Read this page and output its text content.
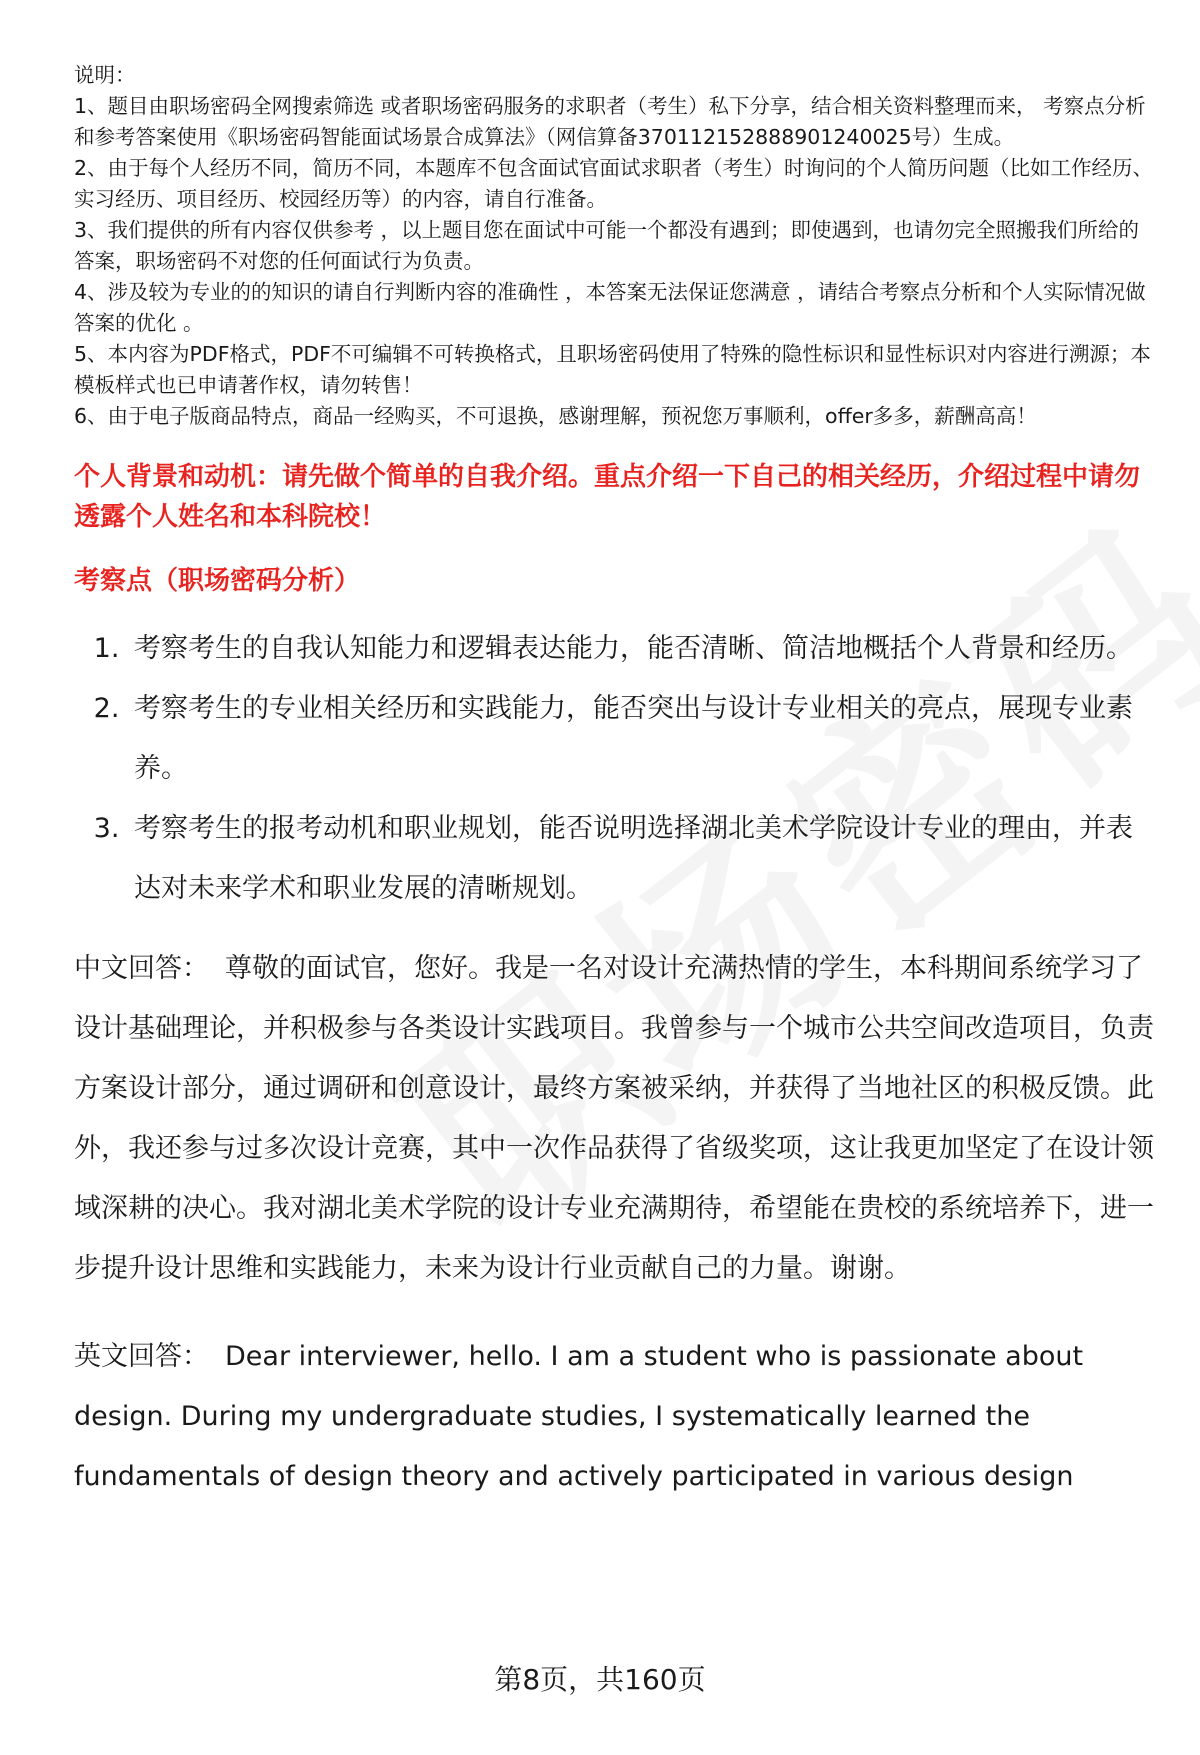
说明：

1、题目由职场密码全网搜索筛选 或者职场密码服务的求职者（考生）私下分享，结合相关资料整理而来， 考察点分析和参考答案使用《职场密码智能面试场景合成算法》（网信算备370112152888901240025号）生成。

2、由于每个人经历不同，简历不同，本题库不包含面试官面试求职者（考生）时询问的个人简历问题（比如工作经历、实习经历、项目经历、校园经历等）的内容，请自行准备。

3、我们提供的所有内容仅供参考 ，以上题目您在面试中可能一个都没有遇到；即使遇到，也请勿完全照搬我们所给的答案，职场密码不对您的任何面试行为负责。

4、涉及较为专业的的知识的请自行判断内容的准确性 ，本答案无法保证您满意 ，请结合考察点分析和个人实际情况做答案的优化 。

5、本内容为PDF格式，PDF不可编辑不可转换格式，且职场密码使用了特殊的隐性标识和显性标识对内容进行溯源；本模板样式也已申请著作权，请勿转售！

6、由于电子版商品特点，商品一经购买，不可退换，感谢理解，预祝您万事顺利，offer多多，薪酬高高！

个人背景和动机：请先做个简单的自我介绍。重点介绍一下自己的相关经历，介绍过程中请勿透露个人姓名和本科院校！
考察点（职场密码分析）
1. 考察考生的自我认知能力和逻辑表达能力，能否清晰、简洁地概括个人背景和经历。
2. 考察考生的专业相关经历和实践能力，能否突出与设计专业相关的亮点，展现专业素养。
3. 考察考生的报考动机和职业规划，能否说明选择湖北美术学院设计专业的理由，并表达对未来学术和职业发展的清晰规划。

中文回答： 尊敬的面试官，您好。我是一名对设计充满热情的学生，本科期间系统学习了设计基础理论，并积极参与各类设计实践项目。我曾参与一个城市公共空间改造项目，负责方案设计部分，通过调研和创意设计，最终方案被采纳，并获得了当地社区的积极反馈。此外，我还参与过多次设计竞赛，其中一次作品获得了省级奖项，这让我更加坚定了在设计领域深耕的决心。我对湖北美术学院的设计专业充满期待，希望能在贵校的系统培养下，进一步提升设计思维和实践能力，未来为设计行业贡献自己的力量。谢谢。

英文回答： Dear interviewer, hello. I am a student who is passionate about design. During my undergraduate studies, I systematically learned the fundamentals of design theory and actively participated in various design

第8页，共160页
